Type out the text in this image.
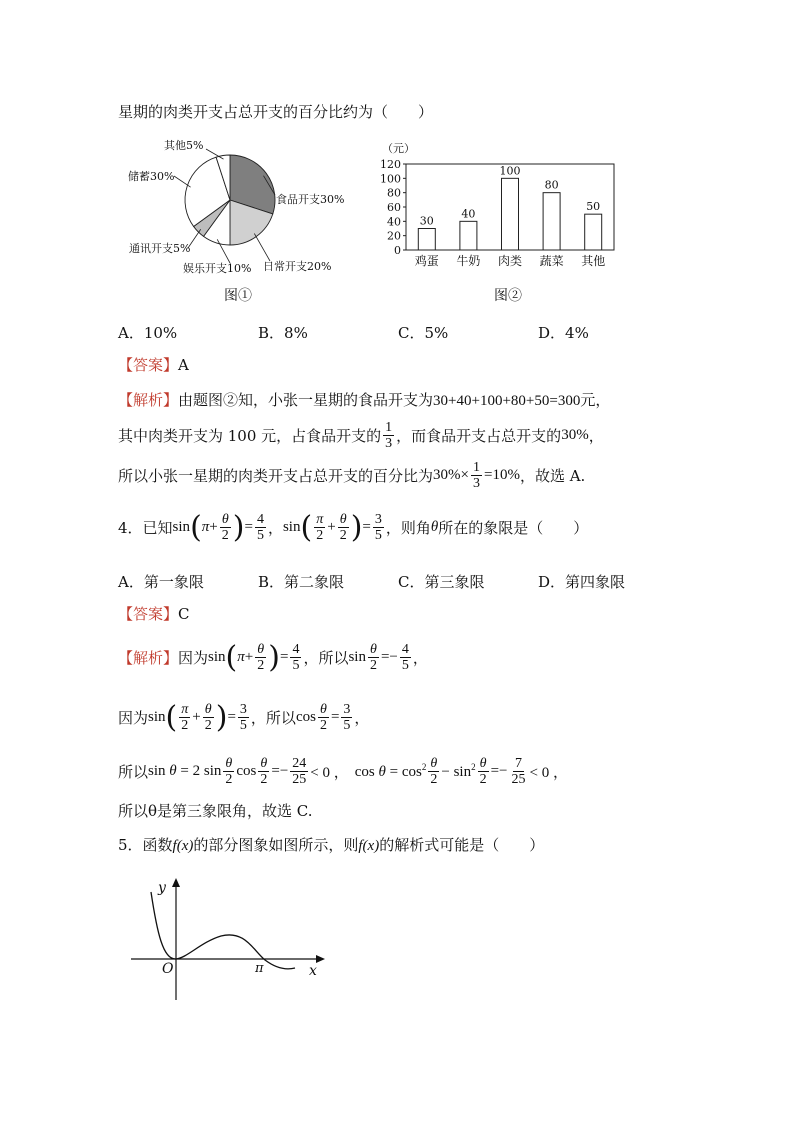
星期的肉类开支占总开支的百分比约为（　　）
食品开支30%
日常开支20%
娱乐开支10%
通讯开支5%
储蓄30%
其他5%
图①
（元）
0
20
40
60
80
100
120
30
40
100
80
50
鸡蛋 牛奶 肉类 蔬菜 其他
图②
A．10%	B．8%	C．5%	D．4%
【答案】A
【解析】由题图②知，小张一星期的食品开支为30+40+100+80+50=300元，
其中肉类开支为 100 元，占食品开支的 $\frac{1}{3}$ ，而食品开支占总开支的 30% ，
所以小张一星期的肉类开支占总开支的百分比为 $30\%\times \frac{1}{3} =10\%$ ，故选 A.
4．已知 sin ( $\pi + \frac{\theta}{2}$ ) = $\frac{4}{5}$ ， sin ( $\frac{\pi}{2} + \frac{\theta}{2}$ ) = $\frac{3}{5}$ ，则角 θ 所在的象限是（　　）
A．第一象限	B．第二象限	C．第三象限	D．第四象限
【答案】C
【解析】 因为 sin ( $\pi + \frac{\theta}{2}$ ) = $\frac{4}{5}$ ，所以 $\sin \frac{\theta}{2} =- \frac{4}{5}$ ，
因为 sin ( $\frac{\pi}{2} + \frac{\theta}{2}$ ) = $\frac{3}{5}$ ，所以 $\cos \frac{\theta}{2} = \frac{3}{5}$ ，
所以 sin θ = 2 $\sin \frac{\theta}{2}$ $\cos \frac{\theta}{2} =- \frac{24}{25} < 0$ ， $\cos \theta = \cos^2 \frac{\theta}{2} - \sin^2 \frac{\theta}{2} =- \frac{7}{25} < 0$ ，
所以θ是第三象限角，故选 C.
5．函数f(x)的部分图象如图所示，则f(x)的解析式可能是（　　）
y
x
O	π
